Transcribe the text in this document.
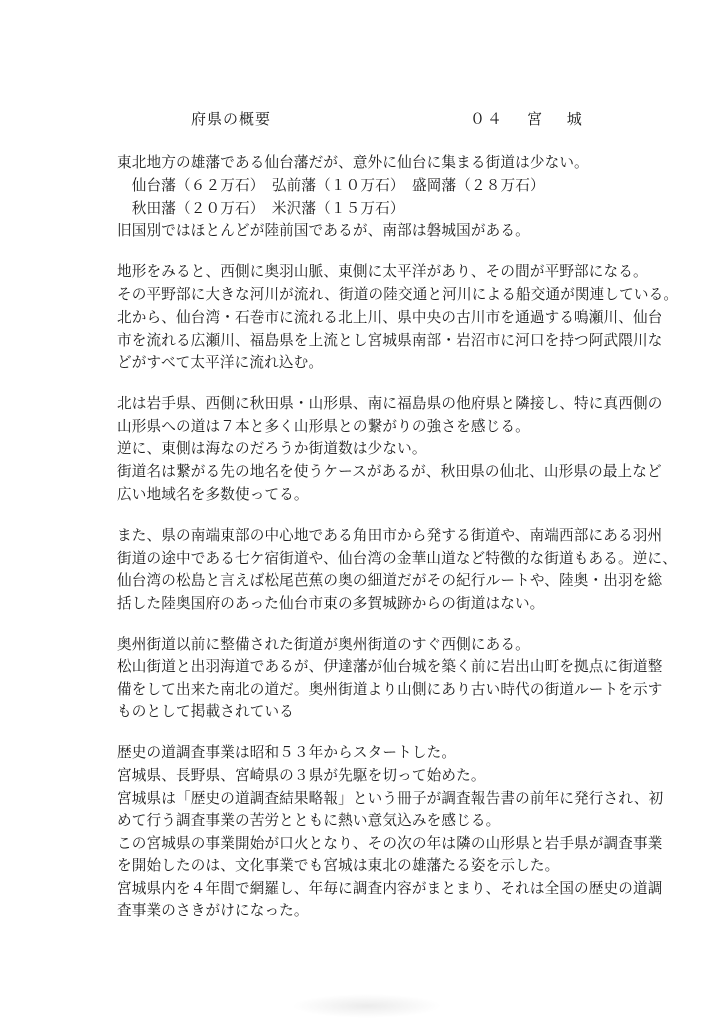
府県の概要	０４ 宮 城
東北地方の雄藩である仙台藩だが、意外に仙台に集まる街道は少ない。
　仙台藩（６２万石）　弘前藩（１０万石）　盛岡藩（２８万石）
　秋田藩（２０万石）　米沢藩（１５万石）
旧国別ではほとんどが陸前国であるが、南部は磐城国がある。
地形をみると、西側に奥羽山脈、東側に太平洋があり、その間が平野部になる。
その平野部に大きな河川が流れ、街道の陸交通と河川による船交通が関連している。
北から、仙台湾・石巻市に流れる北上川、県中央の古川市を通過する鳴瀬川、仙台
市を流れる広瀬川、福島県を上流とし宮城県南部・岩沼市に河口を持つ阿武隈川な
どがすべて太平洋に流れ込む。
北は岩手県、西側に秋田県・山形県、南に福島県の他府県と隣接し、特に真西側の
山形県への道は７本と多く山形県との繋がりの強さを感じる。
逆に、東側は海なのだろうか街道数は少ない。
街道名は繋がる先の地名を使うケースがあるが、秋田県の仙北、山形県の最上など
広い地域名を多数使ってる。
また、県の南端東部の中心地である角田市から発する街道や、南端西部にある羽州
街道の途中である七ケ宿街道や、仙台湾の金華山道など特徴的な街道もある。逆に、
仙台湾の松島と言えば松尾芭蕉の奥の細道だがその紀行ルートや、陸奥・出羽を総
括した陸奥国府のあった仙台市東の多賀城跡からの街道はない。
奥州街道以前に整備された街道が奥州街道のすぐ西側にある。
松山街道と出羽海道であるが、伊達藩が仙台城を築く前に岩出山町を拠点に街道整
備をして出来た南北の道だ。奥州街道より山側にあり古い時代の街道ルートを示す
ものとして掲載されている
歴史の道調査事業は昭和５３年からスタートした。
宮城県、長野県、宮崎県の３県が先駆を切って始めた。
宮城県は「歴史の道調査結果略報」という冊子が調査報告書の前年に発行され、初
めて行う調査事業の苦労とともに熱い意気込みを感じる。
この宮城県の事業開始が口火となり、その次の年は隣の山形県と岩手県が調査事業
を開始したのは、文化事業でも宮城は東北の雄藩たる姿を示した。
宮城県内を４年間で網羅し、年毎に調査内容がまとまり、それは全国の歴史の道調
査事業のさきがけになった。
